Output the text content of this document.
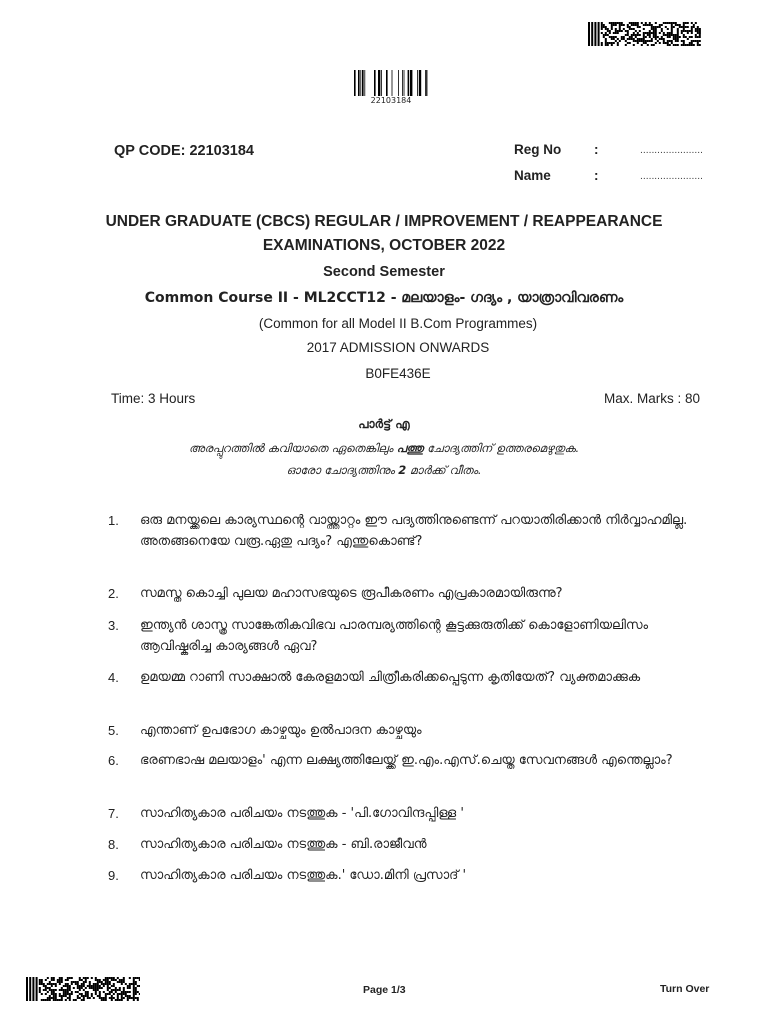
22103184
QP CODE: 22103184	Reg No :	......................
Name	:	......................
UNDER GRADUATE (CBCS) REGULAR / IMPROVEMENT / REAPPEARANCE
EXAMINATIONS, OCTOBER 2022
Second Semester
Common Course II - ML2CCT12 - മലയാളം- ഗദ്യം , യാത്രാവിവരണം
(Common for all Model II B.Com Programmes)
2017 ADMISSION ONWARDS
B0FE436E
Time: 3 Hours	Max. Marks : 80
പാർട്ട് എ
അരപ്പുറത്തിൽ കവിയാതെ ഏതെങ്കിലും പത്തു ചോദ്യത്തിന് ഉത്തരമെഴുതുക.
ഓരോ ചോദ്യത്തിനും 2 മാർക്ക് വീതം.
1. ഒരു മനയ്ക്കലെ കാര്യസ്ഥന്റെ വായ്ത്താറ്റം ഈ പദ്യത്തിനുണ്ടെന്ന് പറയാതിരിക്കാൻ നിർവ്വാഹമില്ല. അതങ്ങനെയേ വരൂ.ഏതു പദ്യം? എന്തുകൊണ്ട്?
2. സമസ്ത കൊച്ചി പുലയ മഹാസഭയുടെ രൂപീകരണം എപ്രകാരമായിരുന്നു?
3. ഇന്ത്യൻ ശാസ്ത്ര സാങ്കേതികവിഭവ പാരമ്പര്യത്തിന്റെ കൂട്ടക്കുരുതിക്ക് കൊളോണിയലിസം ആവിഷ്കരിച്ച കാര്യങ്ങൾ ഏവ?
4. ഉമയമ്മ റാണി സാക്ഷാൽ കേരളമായി ചിത്രീകരിക്കപ്പെടുന്ന കൃതിയേത്? വ്യക്തമാക്കുക
5. എന്താണ് ഉപഭോഗ കാഴ്ചയും ഉൽപാദന കാഴ്ചയും
6. ഭരണഭാഷ മലയാളം' എന്ന ലക്ഷ്യത്തിലേയ്ക്ക് ഇ.എം.എസ്.ചെയ്ത സേവനങ്ങൾ എന്തെല്ലാം?
7. സാഹിത്യകാര പരിചയം നടത്തുക - 'പി.ഗോവിന്ദപ്പിള്ള '
8. സാഹിത്യകാര പരിചയം നടത്തുക - ബി.രാജീവൻ
9. സാഹിത്യകാര പരിചയം നടത്തുക.' ഡോ.മിനി പ്രസാദ് '
Page 1/3	Turn Over
